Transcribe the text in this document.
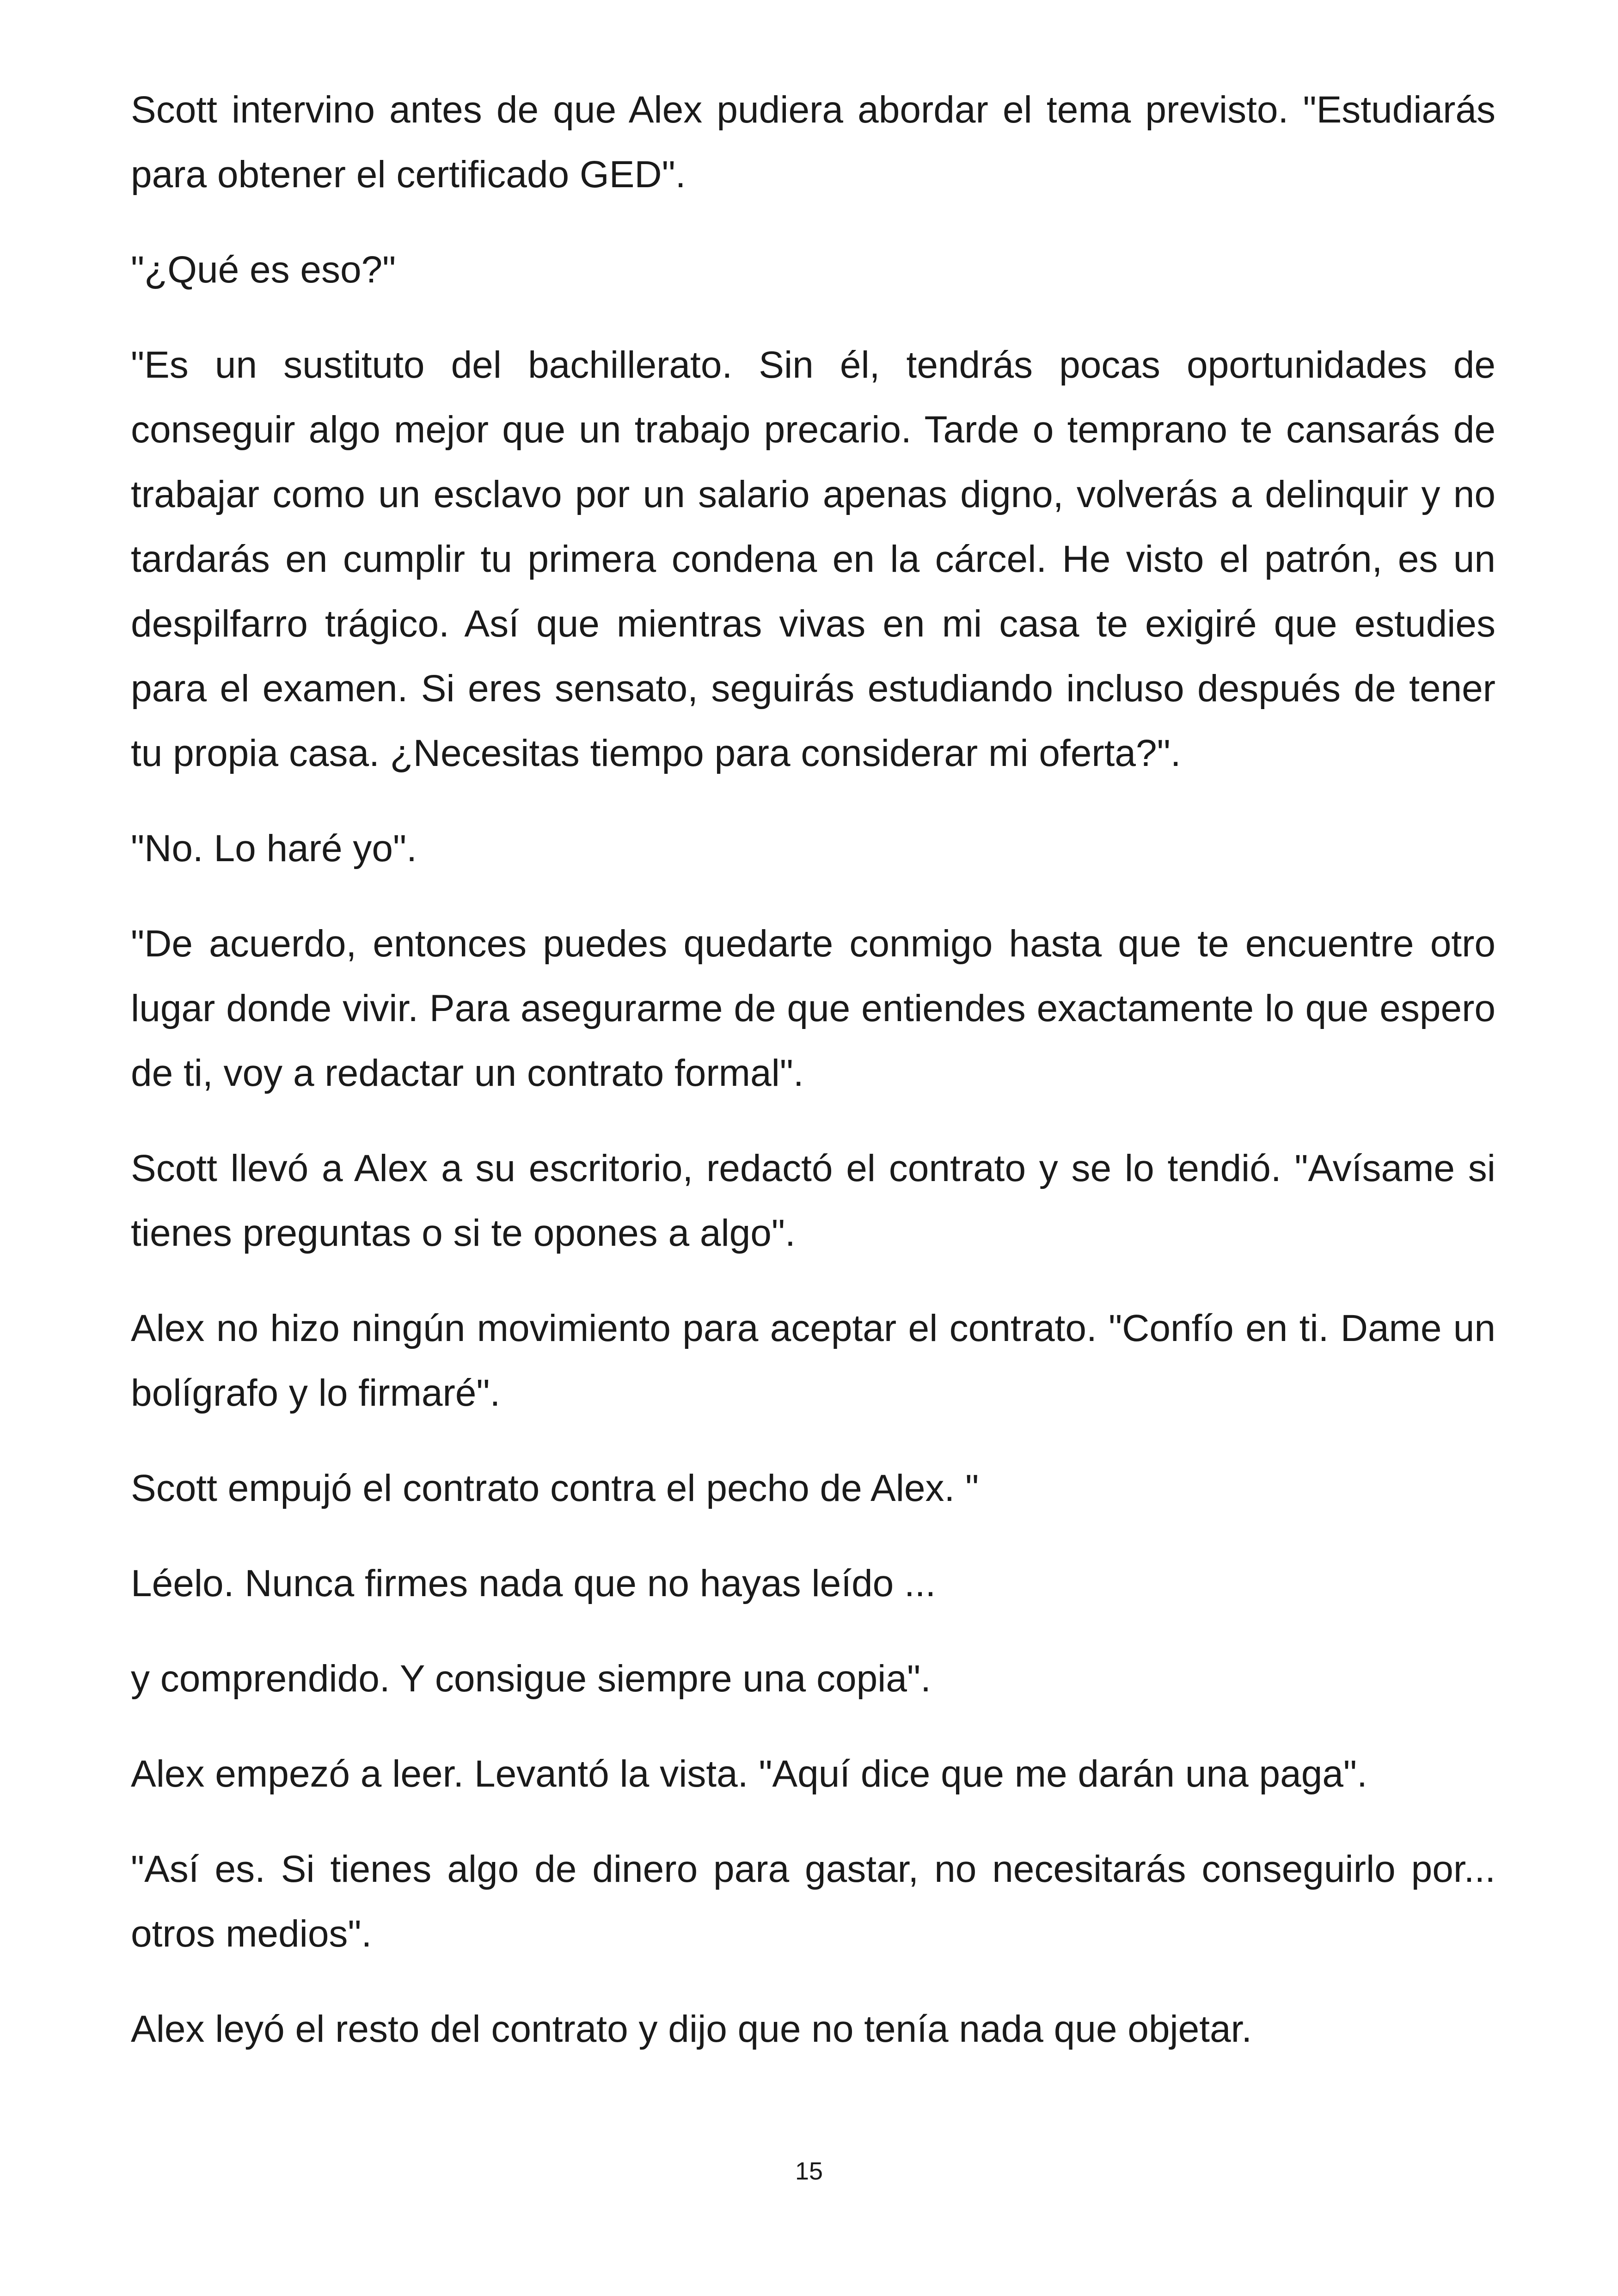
Scott intervino antes de que Alex pudiera abordar el tema previsto. "Estudiarás para obtener el certificado GED".

"¿Qué es eso?"

"Es un sustituto del bachillerato. Sin él, tendrás pocas oportunidades de conseguir algo mejor que un trabajo precario. Tarde o temprano te cansarás de trabajar como un esclavo por un salario apenas digno, volverás a delinquir y no tardarás en cumplir tu primera condena en la cárcel. He visto el patrón, es un despilfarro trágico. Así que mientras vivas en mi casa te exigiré que estudies para el examen. Si eres sensato, seguirás estudiando incluso después de tener tu propia casa. ¿Necesitas tiempo para considerar mi oferta?".

"No. Lo haré yo".

"De acuerdo, entonces puedes quedarte conmigo hasta que te encuentre otro lugar donde vivir. Para asegurarme de que entiendes exactamente lo que espero de ti, voy a redactar un contrato formal".

Scott llevó a Alex a su escritorio, redactó el contrato y se lo tendió. "Avísame si tienes preguntas o si te opones a algo".

Alex no hizo ningún movimiento para aceptar el contrato. "Confío en ti. Dame un bolígrafo y lo firmaré".

Scott empujó el contrato contra el pecho de Alex. "

Léelo. Nunca firmes nada que no hayas leído ...

y comprendido. Y consigue siempre una copia".

Alex empezó a leer. Levantó la vista. "Aquí dice que me darán una paga".

"Así es. Si tienes algo de dinero para gastar, no necesitarás conseguirlo por... otros medios".

Alex leyó el resto del contrato y dijo que no tenía nada que objetar.

15
